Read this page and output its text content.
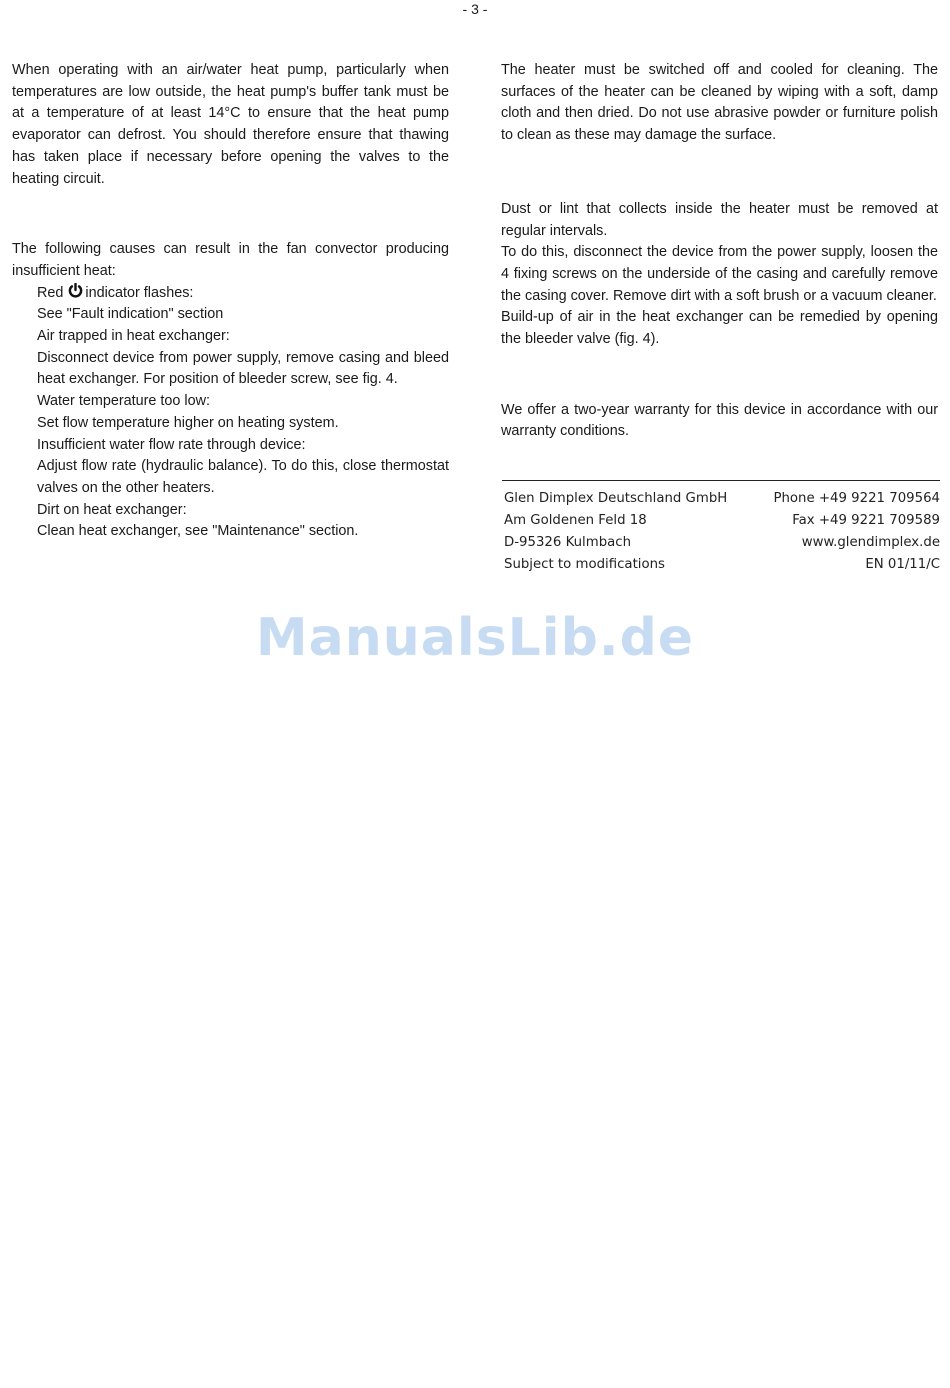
- 3 -

When operating with an air/water heat pump, particularly when temperatures are low outside, the heat pump's buffer tank must be at a temperature of at least 14°C to ensure that the heat pump evaporator can defrost. You should therefore ensure that thawing has taken place if necessary before opening the valves to the heating circuit.

The following causes can result in the fan convector producing insufficient heat:

Red indicator flashes:

See "Fault indication" section

Air trapped in heat exchanger:

Disconnect device from power supply, remove casing and bleed heat exchanger. For position of bleeder screw, see fig. 4.

Water temperature too low:

Set flow temperature higher on heating system.

Insufficient water flow rate through device:

Adjust flow rate (hydraulic balance). To do this, close thermostat valves on the other heaters.

Dirt on heat exchanger:

Clean heat exchanger, see "Maintenance" section.

The heater must be switched off and cooled for cleaning. The surfaces of the heater can be cleaned by wiping with a soft, damp cloth and then dried. Do not use abrasive powder or furniture polish to clean as these may damage the surface.

Dust or lint that collects inside the heater must be removed at regular intervals.

To do this, disconnect the device from the power supply, loosen the 4 fixing screws on the underside of the casing and carefully remove the casing cover. Remove dirt with a soft brush or a vacuum cleaner.

Build-up of air in the heat exchanger can be remedied by opening the bleeder valve (fig. 4).

We offer a two-year warranty for this device in accordance with our warranty conditions.

Glen Dimplex Deutschland GmbH	Phone +49 9221 709564
Am Goldenen Feld 18	Fax +49 9221 709589
D-95326 Kulmbach	www.glendimplex.de
Subject to modifications	EN 01/11/C
ManualsLib.de
